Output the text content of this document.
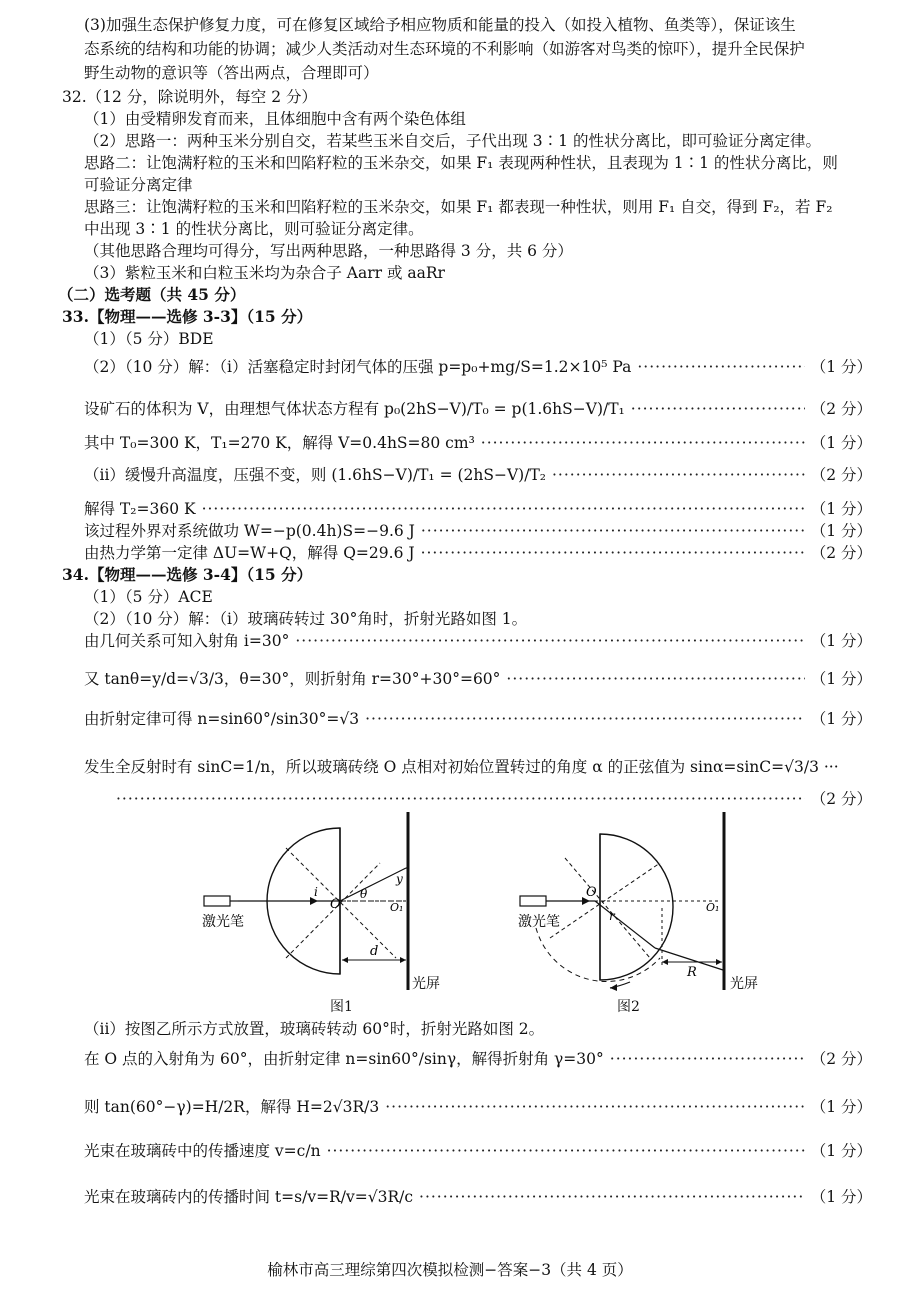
(3)加强生态保护修复力度，可在修复区域给予相应物质和能量的投入（如投入植物、鱼类等），保证该生
态系统的结构和功能的协调；减少人类活动对生态环境的不利影响（如游客对鸟类的惊吓），提升全民保护
野生动物的意识等（答出两点，合理即可）
32.（12 分，除说明外，每空 2 分）
（1）由受精卵发育而来，且体细胞中含有两个染色体组
（2）思路一：两种玉米分别自交，若某些玉米自交后，子代出现 3∶1 的性状分离比，即可验证分离定律。
思路二：让饱满籽粒的玉米和凹陷籽粒的玉米杂交，如果 F₁ 表现两种性状，且表现为 1∶1 的性状分离比，则
可验证分离定律
思路三：让饱满籽粒的玉米和凹陷籽粒的玉米杂交，如果 F₁ 都表现一种性状，则用 F₁ 自交，得到 F₂，若 F₂
中出现 3∶1 的性状分离比，则可验证分离定律。
（其他思路合理均可得分，写出两种思路，一种思路得 3 分，共 6 分）
（3）紫粒玉米和白粒玉米均为杂合子 Aarr 或 aaRr
（二）选考题（共 45 分）
33.【物理——选修 3-3】（15 分）
（1）（5 分）BDE
（2）（10 分）解：（i）活塞稳定时封闭气体的压强 p=p₀+mg/S=1.2×10⁵ Pa ·····	（1 分）
设矿石的体积为 V，由理想气体状态方程有 p₀(2hS−V)/T₀ = p(1.6hS−V)/T₁ ·····	（2 分）
其中 T₀=300 K，T₁=270 K，解得 V=0.4hS=80 cm³ ·····	（1 分）
（ii）缓慢升高温度，压强不变，则 (1.6hS−V)/T₁ = (2hS−V)/T₂ ·····	（2 分）
解得 T₂=360 K ·····	（1 分）
该过程外界对系统做功 W=−p(0.4h)S=−9.6 J ·····	（1 分）
由热力学第一定律 ΔU=W+Q，解得 Q=29.6 J ·····	（2 分）
34.【物理——选修 3-4】（15 分）
（1）（5 分）ACE
（2）（10 分）解：（i）玻璃砖转过 30°角时，折射光路如图 1。
由几何关系可知入射角 i=30° ·····	（1 分）
又 tanθ=y/d=√3/3，θ=30°，则折射角 r=30°+30°=60° ·····	（1 分）
由折射定律可得 n=sin60°/sin30°=√3 ·····	（1 分）
发生全反射时有 sinC=1/n，所以玻璃砖绕 O 点相对初始位置转过的角度 α 的正弦值为 sinα=sinC=√3/3 ···
·····
（2 分）
O	O₁
i	θ
y
d
激光笔
光屏
O
O₁
r
R
激光笔
光屏
图1	图2
（ii）按图乙所示方式放置，玻璃砖转动 60°时，折射光路如图 2。
在 O 点的入射角为 60°，由折射定律 n=sin60°/sinγ，解得折射角 γ=30° ·····	（2 分）
则 tan(60°−γ)=H/2R，解得 H=2√3R/3 ·····	（1 分）
光束在玻璃砖中的传播速度 v=c/n ·····	（1 分）
光束在玻璃砖内的传播时间 t=s/v=R/v=√3R/c ·····	（1 分）
榆林市高三理综第四次模拟检测−答案−3（共 4 页）
